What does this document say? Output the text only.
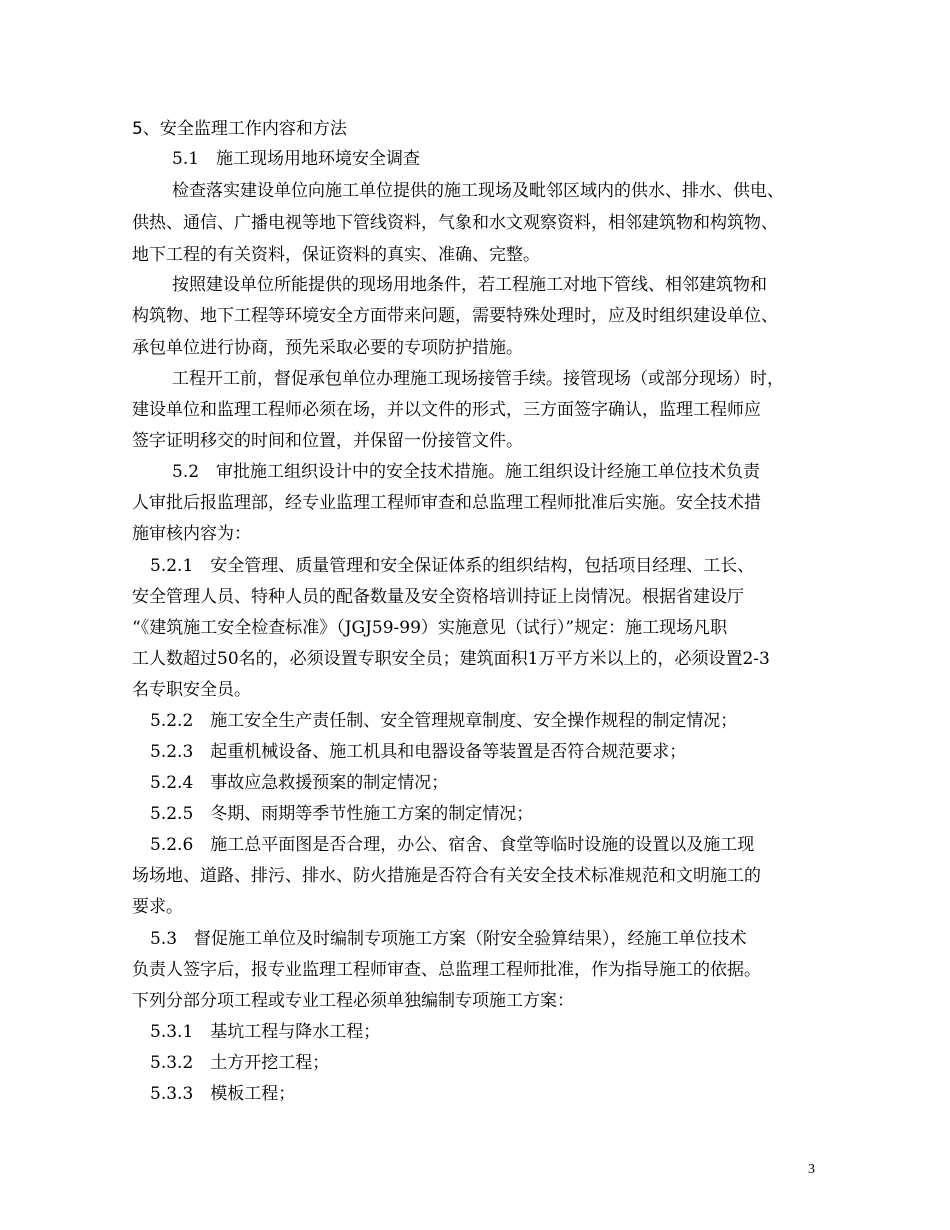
5、安全监理工作内容和方法
5.1　施工现场用地环境安全调查
检查落实建设单位向施工单位提供的施工现场及毗邻区域内的供水、排水、供电、
供热、通信、广播电视等地下管线资料，气象和水文观察资料，相邻建筑物和构筑物、
地下工程的有关资料，保证资料的真实、准确、完整。
按照建设单位所能提供的现场用地条件，若工程施工对地下管线、相邻建筑物和
构筑物、地下工程等环境安全方面带来问题，需要特殊处理时，应及时组织建设单位、
承包单位进行协商，预先采取必要的专项防护措施。
工程开工前，督促承包单位办理施工现场接管手续。接管现场（或部分现场）时，
建设单位和监理工程师必须在场，并以文件的形式，三方面签字确认，监理工程师应
签字证明移交的时间和位置，并保留一份接管文件。
5.2　审批施工组织设计中的安全技术措施。施工组织设计经施工单位技术负责
人审批后报监理部，经专业监理工程师审查和总监理工程师批准后实施。安全技术措
施审核内容为：
5.2.1　安全管理、质量管理和安全保证体系的组织结构，包括项目经理、工长、
安全管理人员、特种人员的配备数量及安全资格培训持证上岗情况。根据省建设厅
“《建筑施工安全检查标准》（JGJ59-99）实施意见（试行）”规定：施工现场凡职
工人数超过50名的，必须设置专职安全员；建筑面积1万平方米以上的，必须设置2-3
名专职安全员。
5.2.2　施工安全生产责任制、安全管理规章制度、安全操作规程的制定情况；
5.2.3　起重机械设备、施工机具和电器设备等装置是否符合规范要求；
5.2.4　事故应急救援预案的制定情况；
5.2.5　冬期、雨期等季节性施工方案的制定情况；
5.2.6　施工总平面图是否合理，办公、宿舍、食堂等临时设施的设置以及施工现
场场地、道路、排污、排水、防火措施是否符合有关安全技术标准规范和文明施工的
要求。
5.3　督促施工单位及时编制专项施工方案（附安全验算结果），经施工单位技术
负责人签字后，报专业监理工程师审查、总监理工程师批准，作为指导施工的依据。
下列分部分项工程或专业工程必须单独编制专项施工方案：
5.3.1　基坑工程与降水工程；
5.3.2　土方开挖工程；
5.3.3　模板工程；
3
